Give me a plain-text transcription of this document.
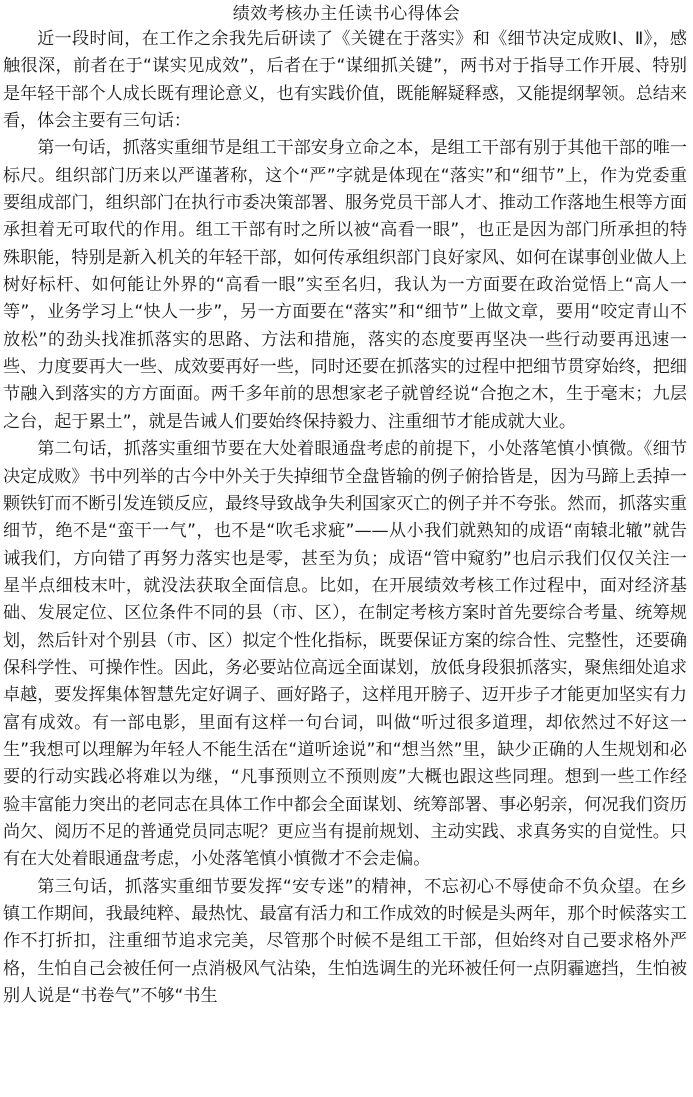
绩效考核办主任读书心得体会

近一段时间，在工作之余我先后研读了《关键在于落实》和《细节决定成败Ⅰ、Ⅱ》，感触很深，前者在于“谋实见成效”，后者在于“谋细抓关键”，两书对于指导工作开展、特别是年轻干部个人成长既有理论意义，也有实践价值，既能解疑释惑，又能提纲挈领。总结来看，体会主要有三句话：

第一句话，抓落实重细节是组工干部安身立命之本，是组工干部有别于其他干部的唯一标尺。组织部门历来以严谨著称，这个“严”字就是体现在“落实”和“细节”上，作为党委重要组成部门，组织部门在执行市委决策部署、服务党员干部人才、推动工作落地生根等方面承担着无可取代的作用。组工干部有时之所以被“高看一眼”，也正是因为部门所承担的特殊职能，特别是新入机关的年轻干部，如何传承组织部门良好家风、如何在谋事创业做人上树好标杆、如何能让外界的“高看一眼”实至名归，我认为一方面要在政治觉悟上“高人一等”，业务学习上“快人一步”，另一方面要在“落实”和“细节”上做文章，要用“咬定青山不放松”的劲头找准抓落实的思路、方法和措施，落实的态度要再坚决一些行动要再迅速一些、力度要再大一些、成效要再好一些，同时还要在抓落实的过程中把细节贯穿始终，把细节融入到落实的方方面面。两千多年前的思想家老子就曾经说“合抱之木，生于毫末；九层之台，起于累土”，就是告诫人们要始终保持毅力、注重细节才能成就大业。

第二句话，抓落实重细节要在大处着眼通盘考虑的前提下，小处落笔慎小慎微。《细节决定成败》书中列举的古今中外关于失掉细节全盘皆输的例子俯拾皆是，因为马蹄上丢掉一颗铁钉而不断引发连锁反应，最终导致战争失利国家灭亡的例子并不夸张。然而，抓落实重细节，绝不是“蛮干一气”，也不是“吹毛求疵”——从小我们就熟知的成语“南辕北辙”就告诫我们，方向错了再努力落实也是零，甚至为负；成语“管中窥豹”也启示我们仅仅关注一星半点细枝末叶，就没法获取全面信息。比如，在开展绩效考核工作过程中，面对经济基础、发展定位、区位条件不同的县（市、区），在制定考核方案时首先要综合考量、统筹规划，然后针对个别县（市、区）拟定个性化指标，既要保证方案的综合性、完整性，还要确保科学性、可操作性。因此，务必要站位高远全面谋划，放低身段狠抓落实，聚焦细处追求卓越，要发挥集体智慧先定好调子、画好路子，这样甩开膀子、迈开步子才能更加坚实有力富有成效。有一部电影，里面有这样一句台词，叫做“听过很多道理，却依然过不好这一生”我想可以理解为年轻人不能生活在“道听途说”和“想当然”里，缺少正确的人生规划和必要的行动实践必将难以为继，“凡事预则立不预则废”大概也跟这些同理。想到一些工作经验丰富能力突出的老同志在具体工作中都会全面谋划、统筹部署、事必躬亲，何况我们资历尚欠、阅历不足的普通党员同志呢？更应当有提前规划、主动实践、求真务实的自觉性。只有在大处着眼通盘考虑，小处落笔慎小慎微才不会走偏。

第三句话，抓落实重细节要发挥“安专迷”的精神，不忘初心不辱使命不负众望。在乡镇工作期间，我最纯粹、最热忱、最富有活力和工作成效的时候是头两年，那个时候落实工作不打折扣，注重细节追求完美，尽管那个时候不是组工干部，但始终对自己要求格外严格，生怕自己会被任何一点消极风气沾染，生怕选调生的光环被任何一点阴霾遮挡，生怕被别人说是“书卷气”不够“书生
